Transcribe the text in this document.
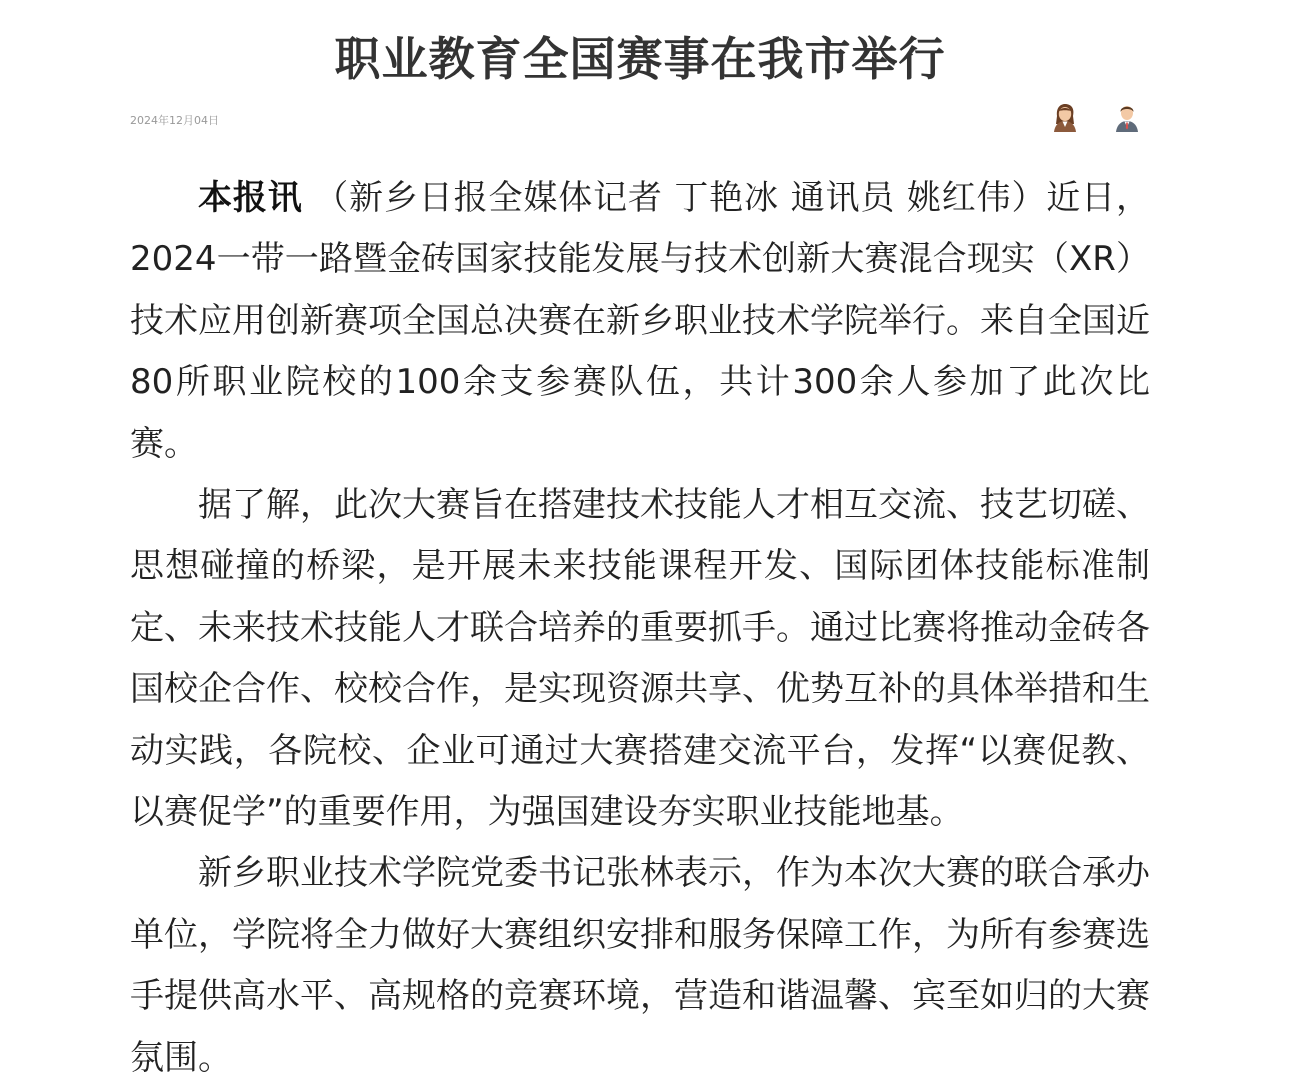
职业教育全国赛事在我市举行
2024年12月04日

本报讯 （新乡日报全媒体记者 丁艳冰 通讯员 姚红伟）近日，2024一带一路暨金砖国家技能发展与技术创新大赛混合现实（XR）技术应用创新赛项全国总决赛在新乡职业技术学院举行。来自全国近80所职业院校的100余支参赛队伍，共计300余人参加了此次比赛。

据了解，此次大赛旨在搭建技术技能人才相互交流、技艺切磋、思想碰撞的桥梁，是开展未来技能课程开发、国际团体技能标准制定、未来技术技能人才联合培养的重要抓手。通过比赛将推动金砖各国校企合作、校校合作，是实现资源共享、优势互补的具体举措和生动实践，各院校、企业可通过大赛搭建交流平台，发挥“以赛促教、以赛促学”的重要作用，为强国建设夯实职业技能地基。

新乡职业技术学院党委书记张林表示，作为本次大赛的联合承办单位，学院将全力做好大赛组织安排和服务保障工作，为所有参赛选手提供高水平、高规格的竞赛环境，营造和谐温馨、宾至如归的大赛氛围。
